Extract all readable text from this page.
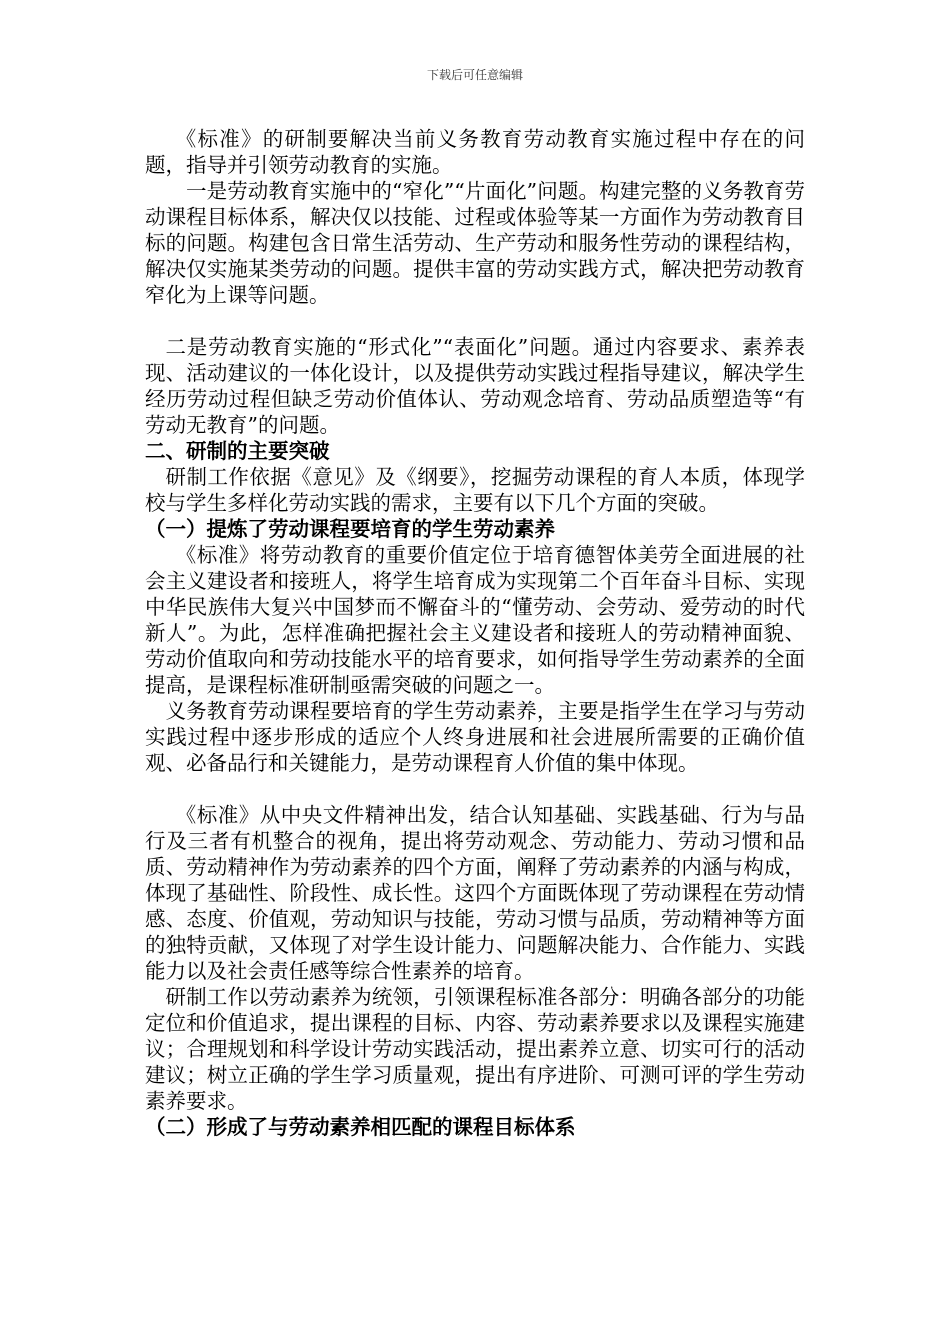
下载后可任意编辑

《标准》的研制要解决当前义务教育劳动教育实施过程中存在的问题，指导并引领劳动教育的实施。

一是劳动教育实施中的“窄化”“片面化”问题。构建完整的义务教育劳动课程目标体系，解决仅以技能、过程或体验等某一方面作为劳动教育目标的问题。构建包含日常生活劳动、生产劳动和服务性劳动的课程结构，解决仅实施某类劳动的问题。提供丰富的劳动实践方式，解决把劳动教育窄化为上课等问题。

二是劳动教育实施的“形式化”“表面化”问题。通过内容要求、素养表现、活动建议的一体化设计，以及提供劳动实践过程指导建议，解决学生经历劳动过程但缺乏劳动价值体认、劳动观念培育、劳动品质塑造等“有劳动无教育”的问题。

二、研制的主要突破

研制工作依据《意见》及《纲要》，挖掘劳动课程的育人本质，体现学校与学生多样化劳动实践的需求，主要有以下几个方面的突破。

（一）提炼了劳动课程要培育的学生劳动素养

《标准》将劳动教育的重要价值定位于培育德智体美劳全面进展的社会主义建设者和接班人，将学生培育成为实现第二个百年奋斗目标、实现中华民族伟大复兴中国梦而不懈奋斗的“懂劳动、会劳动、爱劳动的时代新人”。为此，怎样准确把握社会主义建设者和接班人的劳动精神面貌、劳动价值取向和劳动技能水平的培育要求，如何指导学生劳动素养的全面提高，是课程标准研制亟需突破的问题之一。

义务教育劳动课程要培育的学生劳动素养，主要是指学生在学习与劳动实践过程中逐步形成的适应个人终身进展和社会进展所需要的正确价值观、必备品行和关键能力，是劳动课程育人价值的集中体现。

《标准》从中央文件精神出发，结合认知基础、实践基础、行为与品行及三者有机整合的视角，提出将劳动观念、劳动能力、劳动习惯和品质、劳动精神作为劳动素养的四个方面，阐释了劳动素养的内涵与构成，体现了基础性、阶段性、成长性。这四个方面既体现了劳动课程在劳动情感、态度、价值观，劳动知识与技能，劳动习惯与品质，劳动精神等方面的独特贡献，又体现了对学生设计能力、问题解决能力、合作能力、实践能力以及社会责任感等综合性素养的培育。

研制工作以劳动素养为统领，引领课程标准各部分：明确各部分的功能定位和价值追求，提出课程的目标、内容、劳动素养要求以及课程实施建议；合理规划和科学设计劳动实践活动，提出素养立意、切实可行的活动建议；树立正确的学生学习质量观，提出有序进阶、可测可评的学生劳动素养要求。

（二）形成了与劳动素养相匹配的课程目标体系
